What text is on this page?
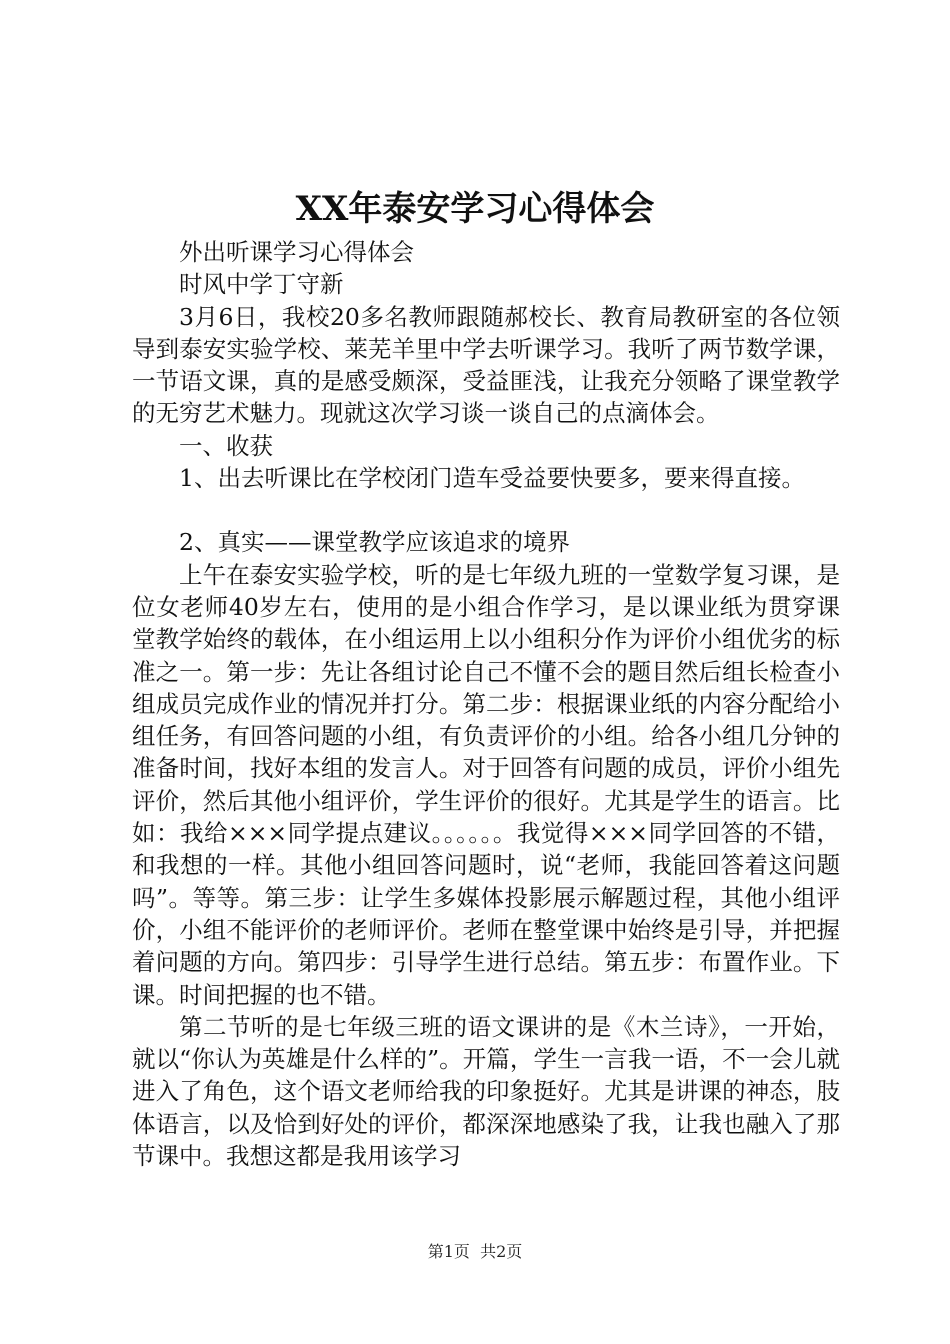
XX年泰安学习心得体会

外出听课学习心得体会

时风中学丁守新

3月6日，我校20多名教师跟随郝校长、教育局教研室的各位领导到泰安实验学校、莱芜羊里中学去听课学习。我听了两节数学课，一节语文课，真的是感受颇深，受益匪浅，让我充分领略了课堂教学的无穷艺术魅力。现就这次学习谈一谈自己的点滴体会。

一、收获

1、出去听课比在学校闭门造车受益要快要多，要来得直接。

2、真实——课堂教学应该追求的境界

上午在泰安实验学校，听的是七年级九班的一堂数学复习课，是位女老师40岁左右，使用的是小组合作学习，是以课业纸为贯穿课堂教学始终的载体，在小组运用上以小组积分作为评价小组优劣的标准之一。第一步：先让各组讨论自己不懂不会的题目然后组长检查小组成员完成作业的情况并打分。第二步：根据课业纸的内容分配给小组任务，有回答问题的小组，有负责评价的小组。给各小组几分钟的准备时间，找好本组的发言人。对于回答有问题的成员，评价小组先评价，然后其他小组评价，学生评价的很好。尤其是学生的语言。比如：我给×××同学提点建议。。。。。。我觉得×××同学回答的不错，和我想的一样。其他小组回答问题时，说“老师，我能回答着这问题吗”。等等。第三步：让学生多媒体投影展示解题过程，其他小组评价，小组不能评价的老师评价。老师在整堂课中始终是引导，并把握着问题的方向。第四步：引导学生进行总结。第五步：布置作业。下课。时间把握的也不错。

第二节听的是七年级三班的语文课讲的是《木兰诗》，一开始，就以“你认为英雄是什么样的”。开篇，学生一言我一语，不一会儿就进入了角色，这个语文老师给我的印象挺好。尤其是讲课的神态，肢体语言，以及恰到好处的评价，都深深地感染了我，让我也融入了那节课中。我想这都是我用该学习

第1页 共2页
